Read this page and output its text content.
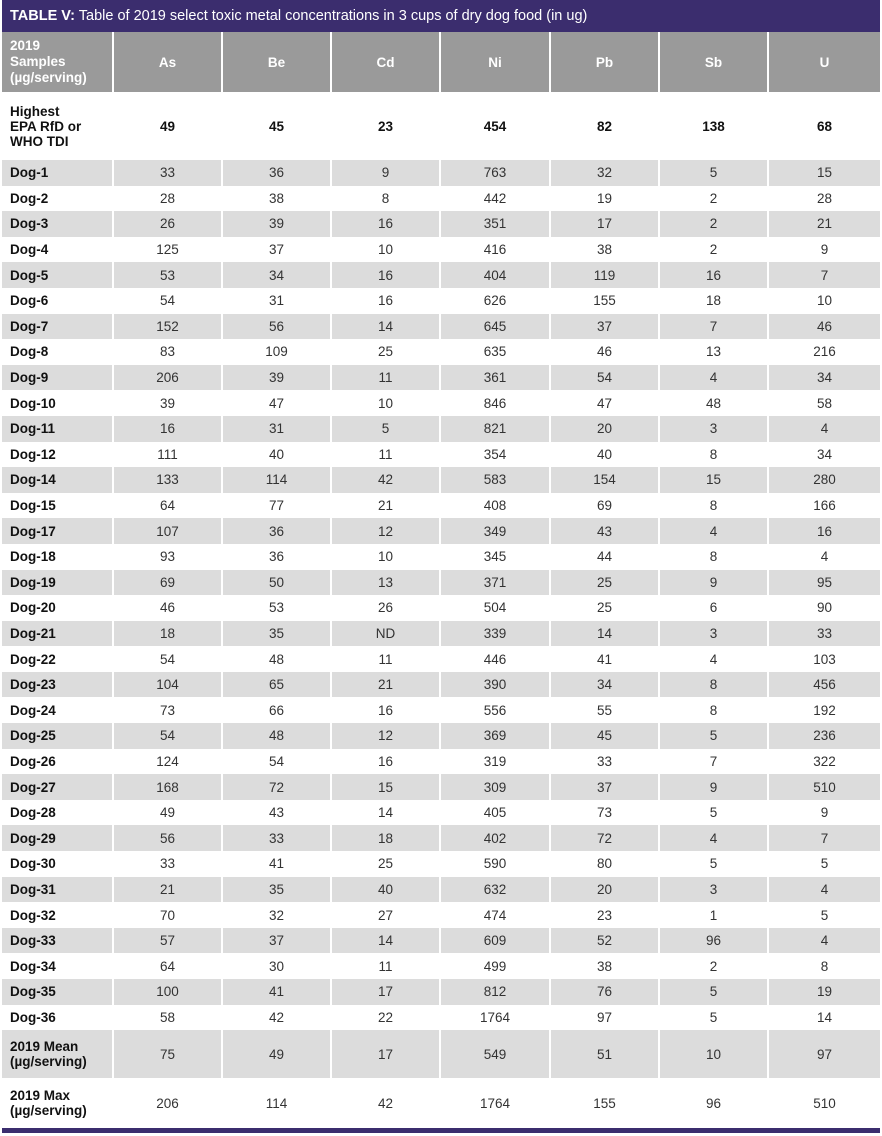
TABLE V: Table of 2019 select toxic metal concentrations in 3 cups of dry dog food (in ug)
2019
Samples
(µg/serving)	As	Be	Cd	Ni	Pb	Sb	U
Highest
EPA RfD or
WHO TDI	49	45	23	454	82	138	68
Dog-1	33	36	9	763	32	5	15
Dog-2	28	38	8	442	19	2	28
Dog-3	26	39	16	351	17	2	21
Dog-4	125	37	10	416	38	2	9
Dog-5	53	34	16	404	119	16	7
Dog-6	54	31	16	626	155	18	10
Dog-7	152	56	14	645	37	7	46
Dog-8	83	109	25	635	46	13	216
Dog-9	206	39	11	361	54	4	34
Dog-10	39	47	10	846	47	48	58
Dog-11	16	31	5	821	20	3	4
Dog-12	111	40	11	354	40	8	34
Dog-14	133	114	42	583	154	15	280
Dog-15	64	77	21	408	69	8	166
Dog-17	107	36	12	349	43	4	16
Dog-18	93	36	10	345	44	8	4
Dog-19	69	50	13	371	25	9	95
Dog-20	46	53	26	504	25	6	90
Dog-21	18	35	ND	339	14	3	33
Dog-22	54	48	11	446	41	4	103
Dog-23	104	65	21	390	34	8	456
Dog-24	73	66	16	556	55	8	192
Dog-25	54	48	12	369	45	5	236
Dog-26	124	54	16	319	33	7	322
Dog-27	168	72	15	309	37	9	510
Dog-28	49	43	14	405	73	5	9
Dog-29	56	33	18	402	72	4	7
Dog-30	33	41	25	590	80	5	5
Dog-31	21	35	40	632	20	3	4
Dog-32	70	32	27	474	23	1	5
Dog-33	57	37	14	609	52	96	4
Dog-34	64	30	11	499	38	2	8
Dog-35	100	41	17	812	76	5	19
Dog-36	58	42	22	1764	97	5	14
2019 Mean
(µg/serving)	75	49	17	549	51	10	97
2019 Max
(µg/serving)	206	114	42	1764	155	96	510
